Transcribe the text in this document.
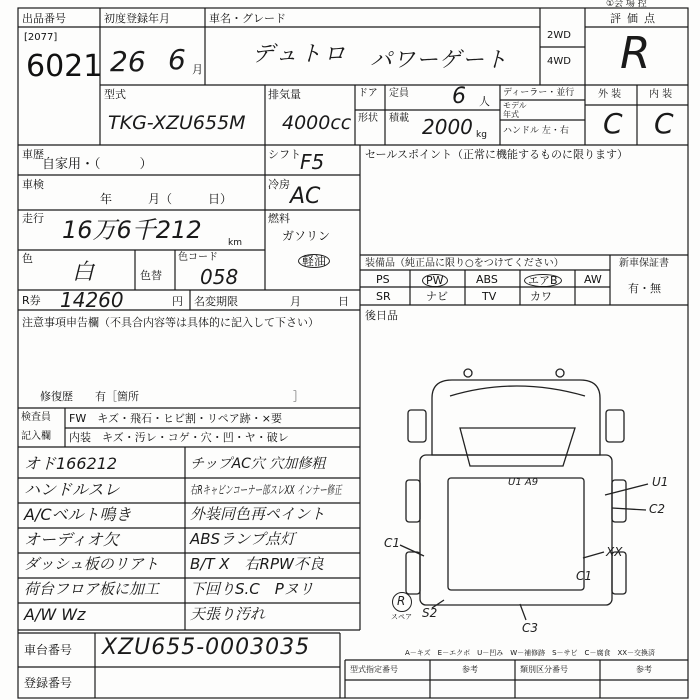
①会 場 控
出品番号
[2077]
6021
初度登録年月
26 6 月
車名・グレード
デュトロ パワーゲート
2WD
4WD
評価点
R
外 装	内 装
C C
型式
TKG-XZU655M
排気量
4000cc
ドア 定員 6 人
形状 積載 2000 kg
ディーラー・並行
モデル
年式
ハンドル 左・右
車歴
自家用・（　　　）
シフト F5	セールスポイント（正常に機能するものに限ります）
車検
年　　　月（　　　日）
冷房 AC
走行 16万6千212	km
燃料
ガソリン
軽油
色
白	色替
色コード
058
装備品（純正品に限り○をつけてください）	新車保証書
有・無
PS	PW	ABS	エアB	AW
SR	ナビ	TV	カワ
R券 14260	円 名変期限	月	日
後日品
注意事項申告欄（不具合内容等は具体的に記入して下さい）
修復歴　　有［箇所　　　　　　　　　　　　　　］
検査員
記入欄
FW　キズ・飛石・ヒビ割・リペア跡・×要
内装　キズ・汚レ・コゲ・穴・凹・ヤ・破レ
オド166212
ハンドルスレ
A/Cベルト鳴き
オーディオ欠
ダッシュ板のリアト
荷台フロア板に加工
A/W Wz
チップAC穴 穴加修粗
右Rキャビンコーナー部スレXX インナー修正
外装同色再ペイント
ABSランプ点灯
B/T X　右RPW不良
下回りS.C　Pヌリ
天張り汚れ
U1 A9	U1
C2
C1
XX
C1
S2
C3
R
スペア
A－キズ　E－エクボ　U－凹み　W－補修跡　S－サビ　C－腐食　XX－交換済
型式指定番号	参考	類別区分番号	参考
車台番号 XZU655-0003035
登録番号
